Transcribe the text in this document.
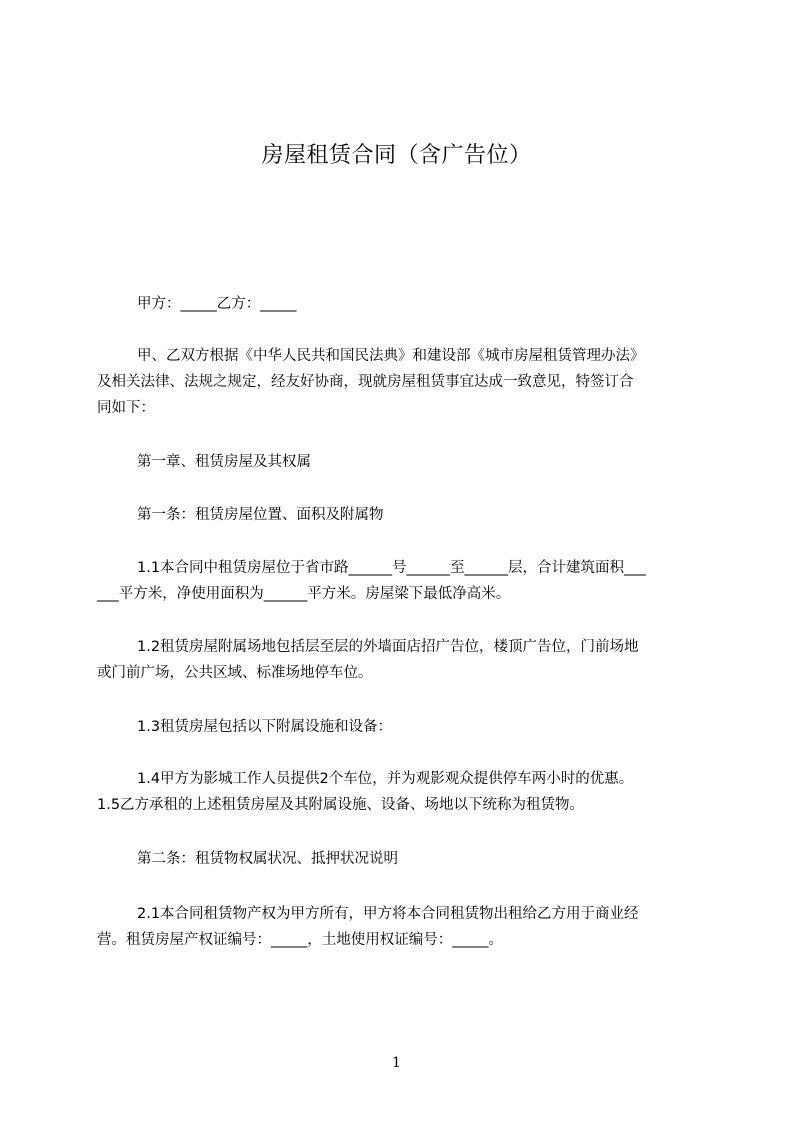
房屋租赁合同（含广告位）
甲方：_____乙方：_____
甲、乙双方根据《中华人民共和国民法典》和建设部《城市房屋租赁管理办法》
及相关法律、法规之规定，经友好协商，现就房屋租赁事宜达成一致意见，特签订合
同如下：
第一章、租赁房屋及其权属
第一条：租赁房屋位置、面积及附属物
1.1本合同中租赁房屋位于省市路______号______至______层，合计建筑面积___
___平方米，净使用面积为______平方米。房屋梁下最低净高米。
1.2租赁房屋附属场地包括层至层的外墙面店招广告位，楼顶广告位，门前场地
或门前广场，公共区域、标准场地停车位。
1.3租赁房屋包括以下附属设施和设备：
1.4甲方为影城工作人员提供2个车位，并为观影观众提供停车两小时的优惠。
1.5乙方承租的上述租赁房屋及其附属设施、设备、场地以下统称为租赁物。
第二条：租赁物权属状况、抵押状况说明
2.1本合同租赁物产权为甲方所有，甲方将本合同租赁物出租给乙方用于商业经
营。租赁房屋产权证编号：_____，土地使用权证编号：_____。
1
